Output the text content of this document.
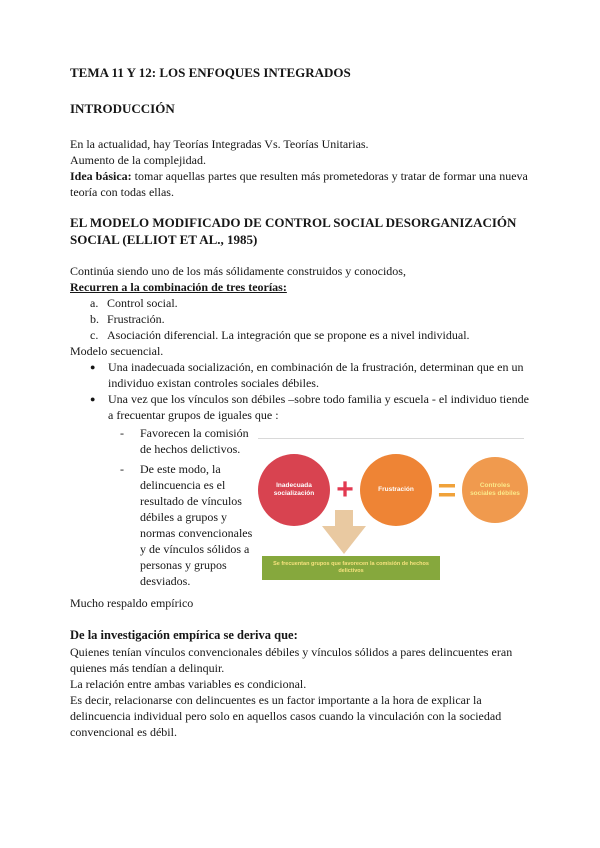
TEMA 11 Y 12: LOS ENFOQUES INTEGRADOS
INTRODUCCIÓN

En la actualidad, hay Teorías Integradas Vs. Teorías Unitarias.

Aumento de la complejidad.

Idea básica: tomar aquellas partes que resulten más prometedoras y tratar de formar una nueva teoría con todas ellas.

EL MODELO MODIFICADO DE CONTROL SOCIAL DESORGANIZACIÓN
SOCIAL (ELLIOT ET AL., 1985)

Continúa siendo uno de los más sólidamente construidos y conocidos,

Recurren a la combinación de tres teorías:

a. Control social.
b. Frustración.
c. Asociación diferencial. La integración que se propone es a nivel individual.

Modelo secuencial.

●	Una inadecuada socialización, en combinación de la frustración, determinan que en un individuo existan controles sociales débiles.
●	Una vez que los vínculos son débiles –sobre todo familia y escuela - el individuo tiende a frecuentar grupos de iguales que :
-	Favorecen la comisión de hechos delictivos.
-	De este modo, la delincuencia es el resultado de vínculos débiles a grupos y normas convencionales y de vínculos sólidos a personas y grupos desviados.
Inadecuada socialización +	Frustración =	Controles sociales débiles
Se frecuentan grupos que favorecen la comisión de hechos delictivos

Mucho respaldo empírico

De la investigación empírica se deriva que:

Quienes tenían vínculos convencionales débiles y vínculos sólidos a pares delincuentes eran quienes más tendían a delinquir.

La relación entre ambas variables es condicional.

Es decir, relacionarse con delincuentes es un factor importante a la hora de explicar la delincuencia individual pero solo en aquellos casos cuando la vinculación con la sociedad convencional es débil.
